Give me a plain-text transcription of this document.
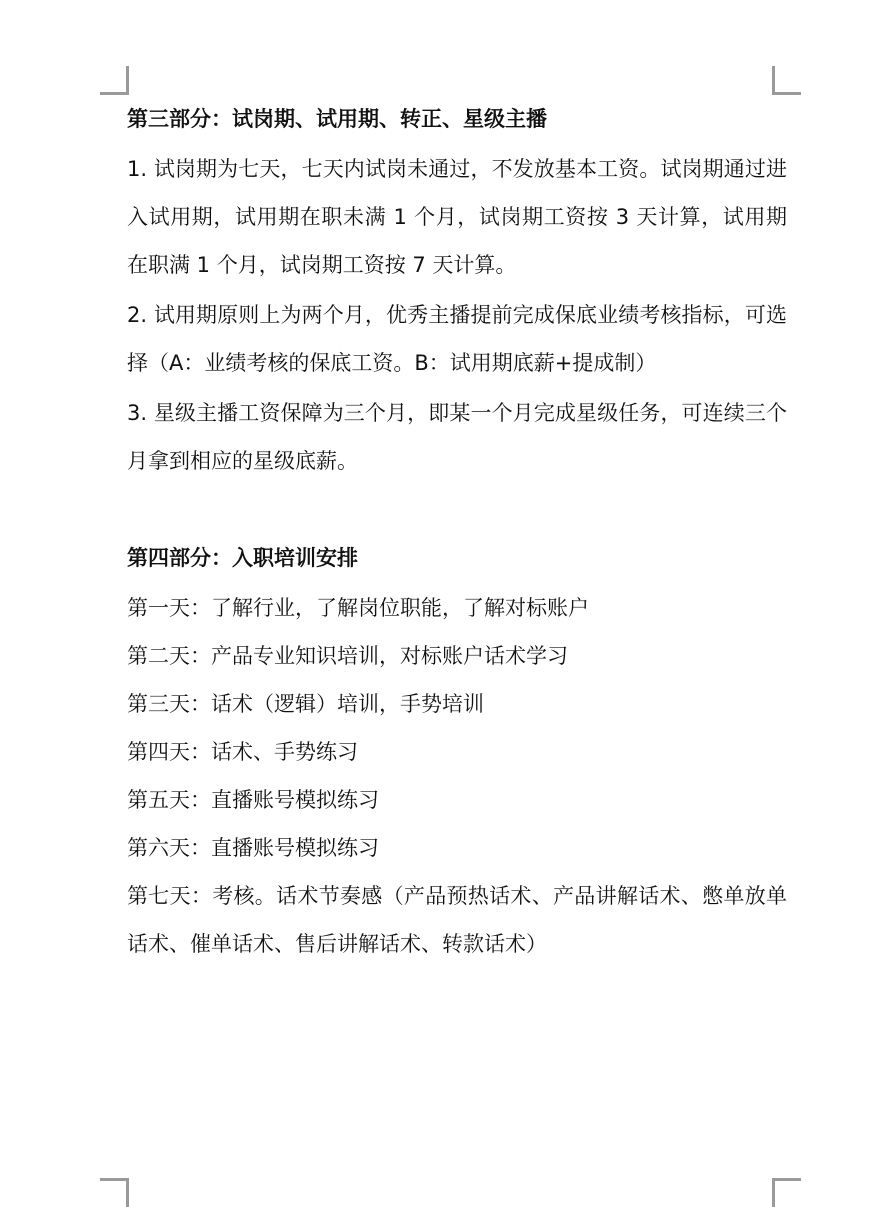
第三部分：试岗期、试用期、转正、星级主播

1. 试岗期为七天，七天内试岗未通过，不发放基本工资。试岗期通过进入试用期，试用期在职未满 1 个月，试岗期工资按 3 天计算，试用期在职满 1 个月，试岗期工资按 7 天计算。

2. 试用期原则上为两个月，优秀主播提前完成保底业绩考核指标，可选择（A：业绩考核的保底工资。B：试用期底薪+提成制）

3. 星级主播工资保障为三个月，即某一个月完成星级任务，可连续三个月拿到相应的星级底薪。

第四部分：入职培训安排

第一天：了解行业，了解岗位职能，了解对标账户

第二天：产品专业知识培训，对标账户话术学习

第三天：话术（逻辑）培训，手势培训

第四天：话术、手势练习

第五天：直播账号模拟练习

第六天：直播账号模拟练习

第七天：考核。话术节奏感（产品预热话术、产品讲解话术、憋单放单话术、催单话术、售后讲解话术、转款话术）
